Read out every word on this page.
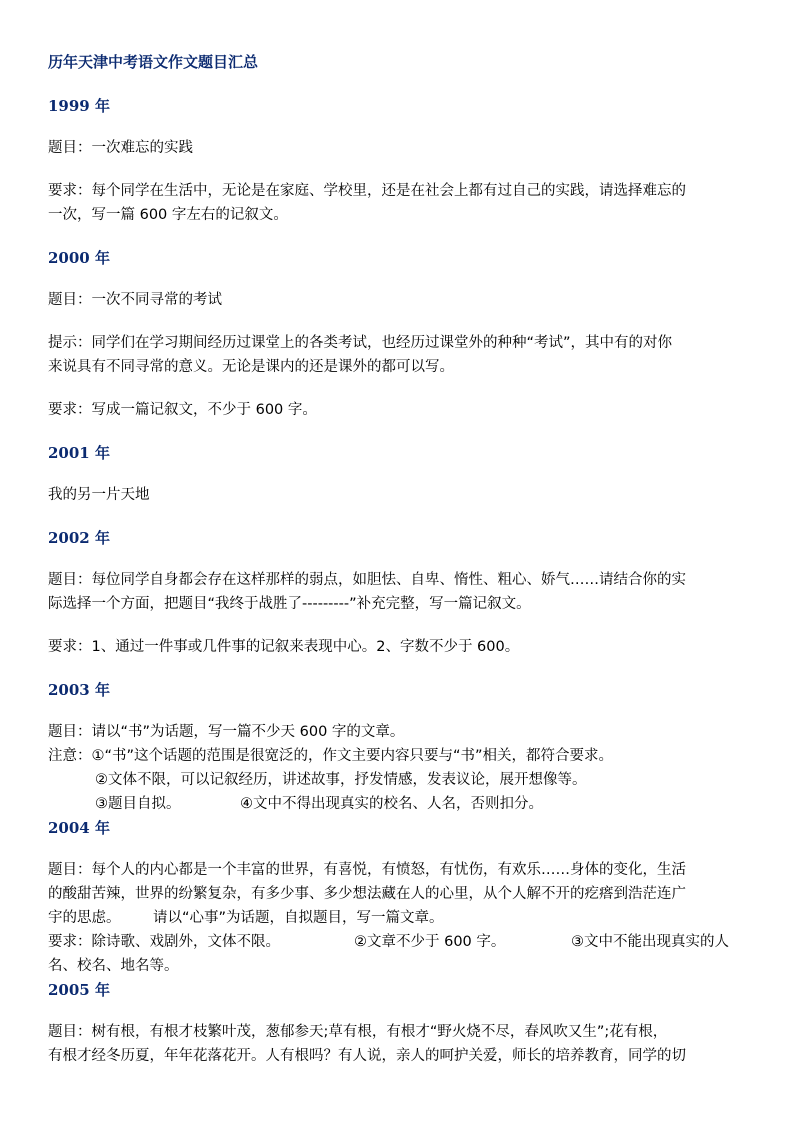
历年天津中考语文作文题目汇总
1999 年
题目：一次难忘的实践
要求：每个同学在生活中，无论是在家庭、学校里，还是在社会上都有过自己的实践，请选择难忘的
一次，写一篇 600 字左右的记叙文。
2000 年
题目：一次不同寻常的考试
提示：同学们在学习期间经历过课堂上的各类考试，也经历过课堂外的种种“考试”，其中有的对你
来说具有不同寻常的意义。无论是课内的还是课外的都可以写。
要求：写成一篇记叙文，不少于 600 字。
2001 年
我的另一片天地
2002 年
题目：每位同学自身都会存在这样那样的弱点，如胆怯、自卑、惰性、粗心、娇气……请结合你的实
际选择一个方面，把题目“我终于战胜了---------”补充完整，写一篇记叙文。
要求：1、通过一件事或几件事的记叙来表现中心。2、字数不少于 600。
2003 年
题目：请以“书”为话题，写一篇不少天 600 字的文章。
注意：①“书”这个话题的范围是很宽泛的，作文主要内容只要与“书”相关，都符合要求。
②文体不限，可以记叙经历，讲述故事，抒发情感，发表议论，展开想像等。
③题目自拟。	④文中不得出现真实的校名、人名，否则扣分。
2004 年
题目：每个人的内心都是一个丰富的世界，有喜悦，有愤怒，有忧伤，有欢乐……身体的变化，生活
的酸甜苦辣，世界的纷繁复杂，有多少事、多少想法藏在人的心里，从个人解不开的疙瘩到浩茫连广
宇的思虑。 请以“心事”为话题，自拟题目，写一篇文章。
要求：除诗歌、戏剧外，文体不限。	②文章不少于 600 字。	③文中不能出现真实的人
名、校名、地名等。
2005 年
题目：树有根，有根才枝繁叶茂，葱郁参天;草有根，有根才“野火烧不尽，春风吹又生”;花有根，
有根才经冬历夏，年年花落花开。人有根吗？有人说，亲人的呵护关爱，师长的培养教育，同学的切
